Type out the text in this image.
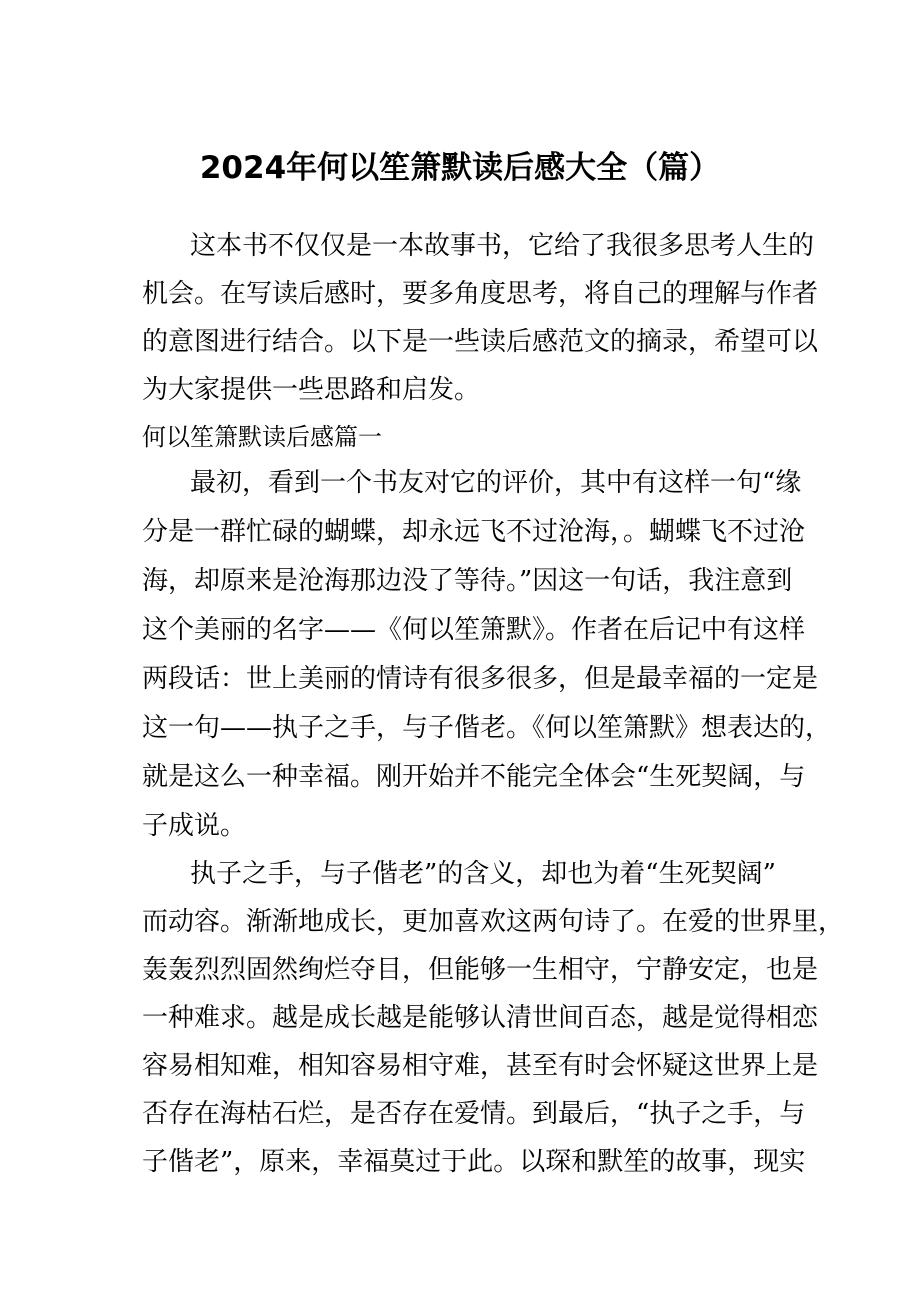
2024年何以笙箫默读后感大全（篇）
这本书不仅仅是一本故事书，它给了我很多思考人生的
机会。在写读后感时，要多角度思考，将自己的理解与作者
的意图进行结合。以下是一些读后感范文的摘录，希望可以
为大家提供一些思路和启发。
何以笙箫默读后感篇一
最初，看到一个书友对它的评价，其中有这样一句“缘
分是一群忙碌的蝴蝶，却永远飞不过沧海，。蝴蝶飞不过沧
海，却原来是沧海那边没了等待。”因这一句话，我注意到
这个美丽的名字——《何以笙箫默》。作者在后记中有这样
两段话：世上美丽的情诗有很多很多，但是最幸福的一定是
这一句——执子之手，与子偕老。《何以笙箫默》想表达的，
就是这么一种幸福。刚开始并不能完全体会“生死契阔，与
子成说。
执子之手，与子偕老”的含义，却也为着“生死契阔”
而动容。渐渐地成长，更加喜欢这两句诗了。在爱的世界里，
轰轰烈烈固然绚烂夺目，但能够一生相守，宁静安定，也是
一种难求。越是成长越是能够认清世间百态，越是觉得相恋
容易相知难，相知容易相守难，甚至有时会怀疑这世界上是
否存在海枯石烂，是否存在爱情。到最后，“执子之手，与
子偕老”，原来，幸福莫过于此。以琛和默笙的故事，现实
